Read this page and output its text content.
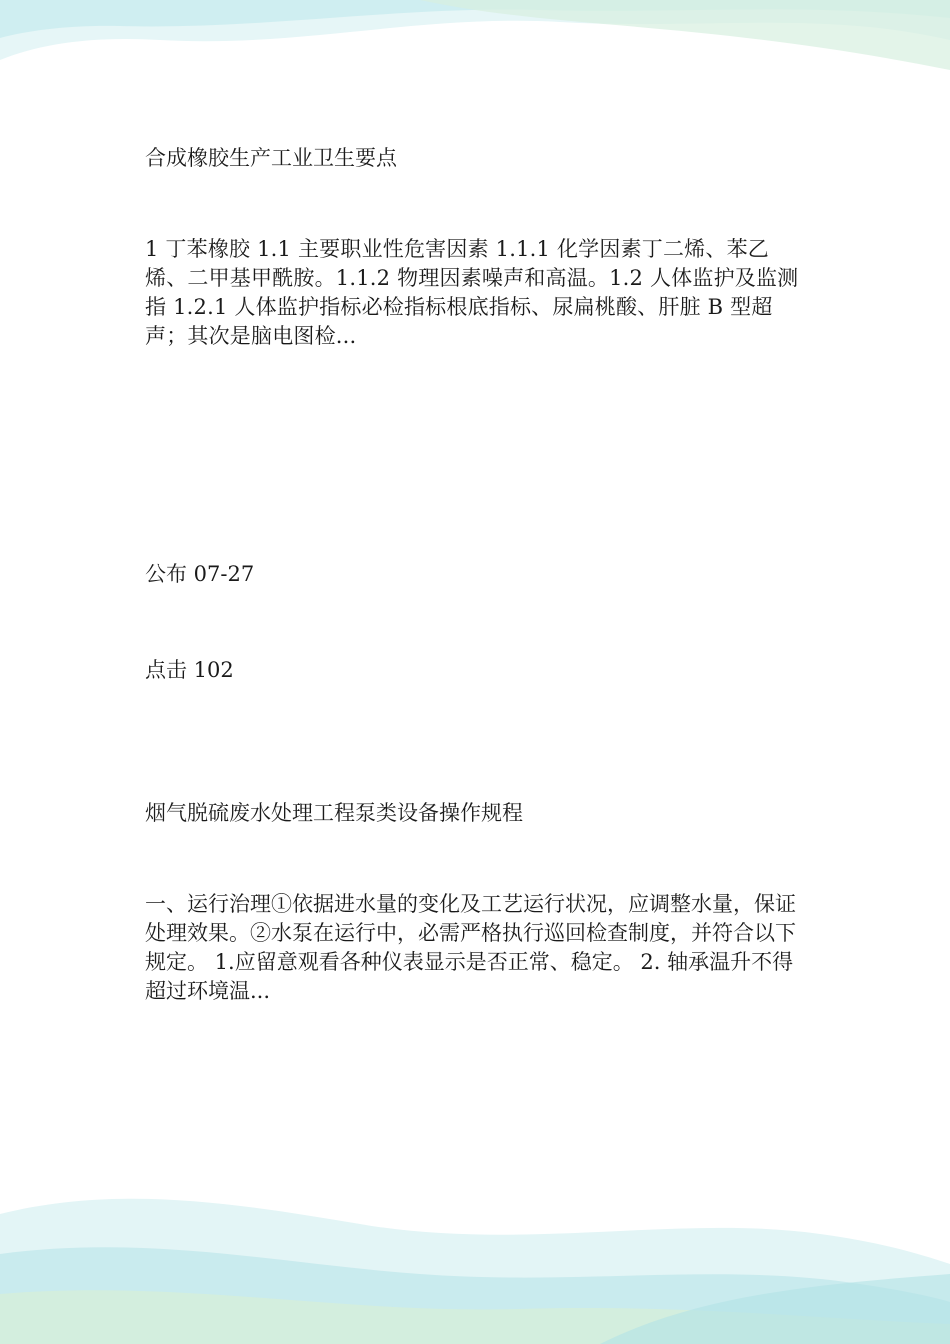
合成橡胶生产工业卫生要点

1 丁苯橡胶 1.1 主要职业性危害因素 1.1.1 化学因素丁二烯、苯乙烯、二甲基甲酰胺。1.1.2 物理因素噪声和高温。1.2 人体监护及监测指 1.2.1 人体监护指标必检指标根底指标、尿扁桃酸、肝脏 B 型超声；其次是脑电图检...

公布 07-27

点击 102

烟气脱硫废水处理工程泵类设备操作规程

一、运行治理①依据进水量的变化及工艺运行状况，应调整水量，保证处理效果。②水泵在运行中，必需严格执行巡回检查制度，并符合以下规定。 1.应留意观看各种仪表显示是否正常、稳定。 2. 轴承温升不得超过环境温...
